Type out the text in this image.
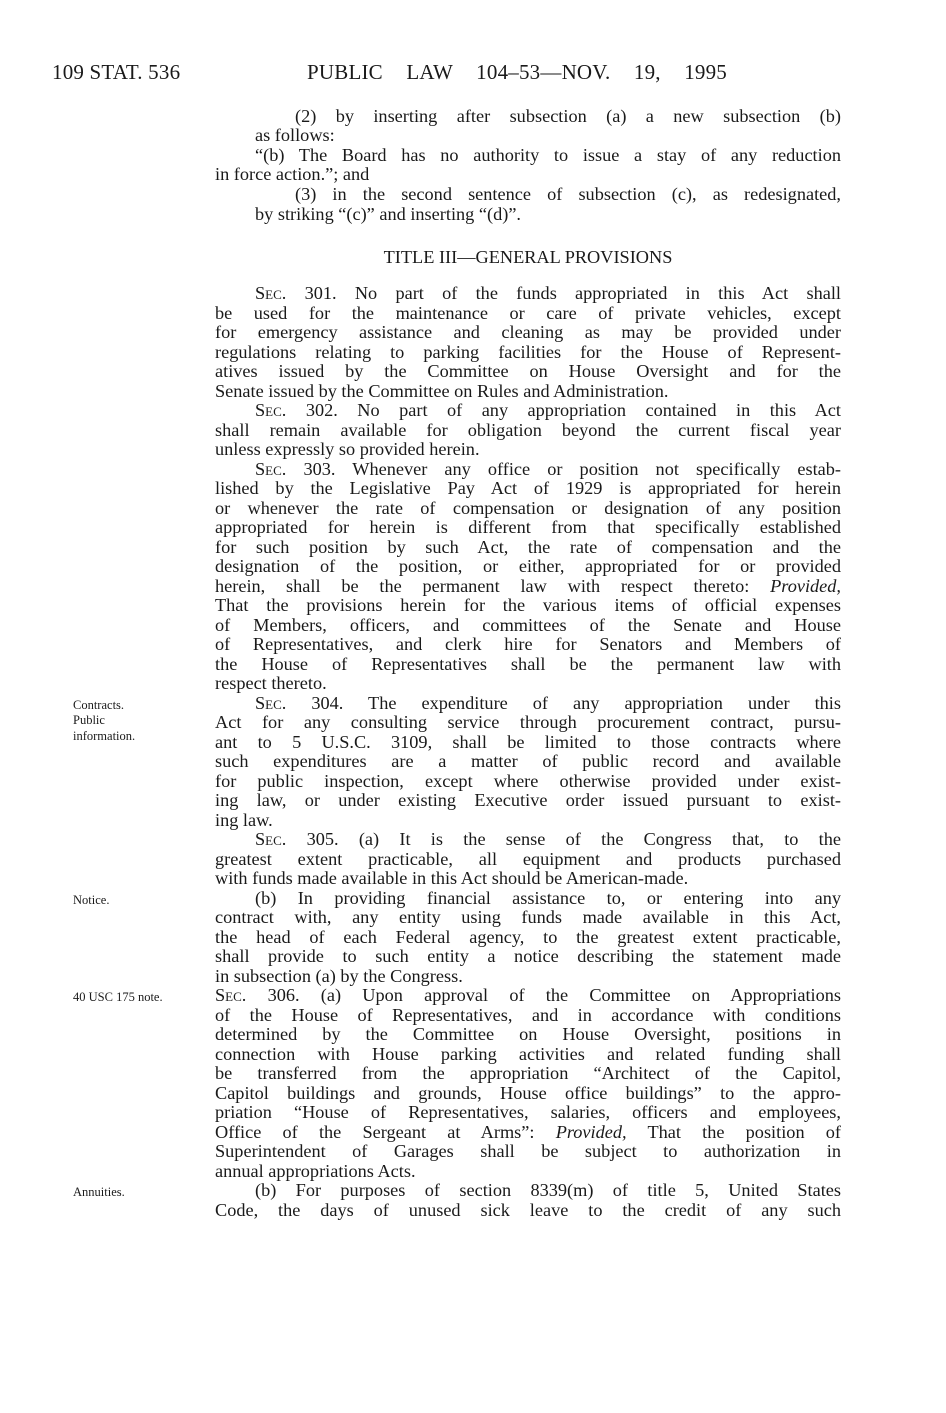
109 STAT. 536	PUBLIC LAW 104–53—NOV. 19, 1995
(2) by inserting after subsection (a) a new subsection (b)
as follows:
“(b) The Board has no authority to issue a stay of any reduction
in force action.”; and
(3) in the second sentence of subsection (c), as redesignated,
by striking “(c)” and inserting “(d)”.
TITLE III—GENERAL PROVISIONS
Sec. 301. No part of the funds appropriated in this Act shall
be used for the maintenance or care of private vehicles, except
for emergency assistance and cleaning as may be provided under
regulations relating to parking facilities for the House of Represent-
atives issued by the Committee on House Oversight and for the
Senate issued by the Committee on Rules and Administration.
Sec. 302. No part of any appropriation contained in this Act
shall remain available for obligation beyond the current fiscal year
unless expressly so provided herein.
Sec. 303. Whenever any office or position not specifically estab-
lished by the Legislative Pay Act of 1929 is appropriated for herein
or whenever the rate of compensation or designation of any position
appropriated for herein is different from that specifically established
for such position by such Act, the rate of compensation and the
designation of the position, or either, appropriated for or provided
herein, shall be the permanent law with respect thereto: Provided,
That the provisions herein for the various items of official expenses
of Members, officers, and committees of the Senate and House
of Representatives, and clerk hire for Senators and Members of
the House of Representatives shall be the permanent law with
respect thereto.
Sec. 304. The expenditure of any appropriation under this
Act for any consulting service through procurement contract, pursu-
ant to 5 U.S.C. 3109, shall be limited to those contracts where
such expenditures are a matter of public record and available
for public inspection, except where otherwise provided under exist-
ing law, or under existing Executive order issued pursuant to exist-
ing law.
Sec. 305. (a) It is the sense of the Congress that, to the
greatest extent practicable, all equipment and products purchased
with funds made available in this Act should be American-made.
(b) In providing financial assistance to, or entering into any
contract with, any entity using funds made available in this Act,
the head of each Federal agency, to the greatest extent practicable,
shall provide to such entity a notice describing the statement made
in subsection (a) by the Congress.
Sec. 306. (a) Upon approval of the Committee on Appropriations
of the House of Representatives, and in accordance with conditions
determined by the Committee on House Oversight, positions in
connection with House parking activities and related funding shall
be transferred from the appropriation “Architect of the Capitol,
Capitol buildings and grounds, House office buildings” to the appro-
priation “House of Representatives, salaries, officers and employees,
Office of the Sergeant at Arms”: Provided, That the position of
Superintendent of Garages shall be subject to authorization in
annual appropriations Acts.
(b) For purposes of section 8339(m) of title 5, United States
Code, the days of unused sick leave to the credit of any such
Contracts.
Public
information.
Notice.
40 USC 175 note.
Annuities.
